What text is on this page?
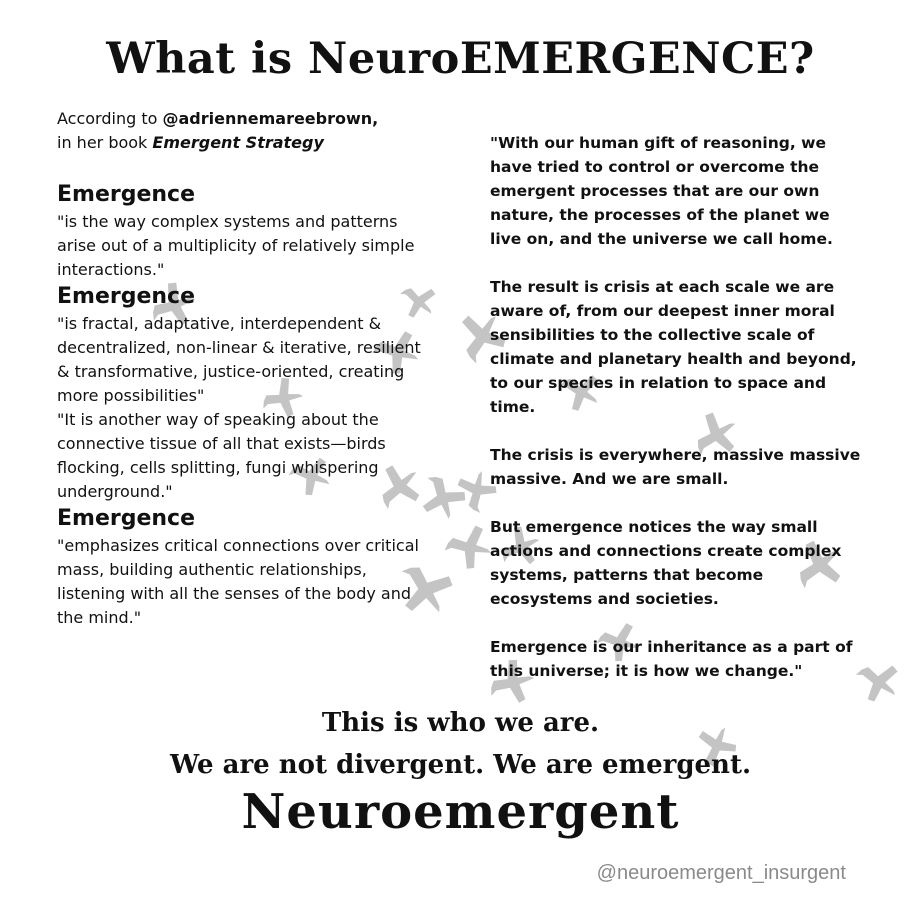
What is NeuroEMERGENCE?
According to @adriennemareebrown,
in her book Emergent Strategy
Emergence

"is the way complex systems and patterns arise out of a multiplicity of relatively simple interactions."

Emergence

"is fractal, adaptative, interdependent & decentralized, non-linear & iterative, resilient & transformative, justice-oriented, creating more possibilities"

"It is another way of speaking about the connective tissue of all that exists—birds flocking, cells splitting, fungi whispering underground."

Emergence

"emphasizes critical connections over critical mass, building authentic relationships, listening with all the senses of the body and the mind."

"With our human gift of reasoning, we have tried to control or overcome the emergent processes that are our own nature, the processes of the planet we live on, and the universe we call home.

The result is crisis at each scale we are aware of, from our deepest inner moral sensibilities to the collective scale of climate and planetary health and beyond, to our species in relation to space and time.

The crisis is everywhere, massive massive massive. And we are small.

But emergence notices the way small actions and connections create complex systems, patterns that become ecosystems and societies.

Emergence is our inheritance as a part of this universe; it is how we change."

This is who we are.
We are not divergent. We are emergent.
Neuroemergent
@neuroemergent_insurgent
